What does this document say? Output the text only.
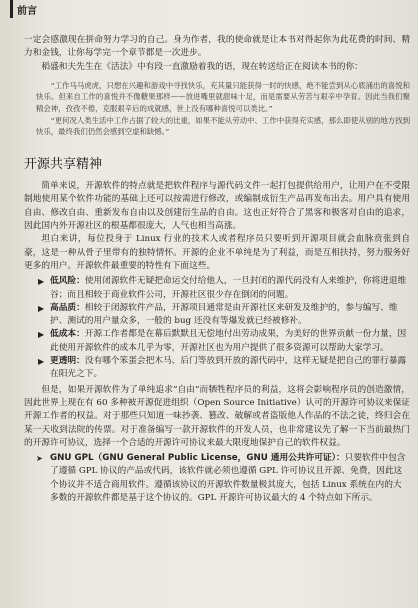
前言

一定会感激现在拼命努力学习的自己。身为作者，我的使命就是让本书对得起你为此花费的时间、精力和金钱，让你每学完一个章节都是一次进步。

稻盛和夫先生在《活法》中有段一直激励着我的语，现在转送给正在阅读本书的你：

“工作马马虎虎，只想在兴趣和游戏中寻找快乐，充其量只能获得一时的快感，绝不能尝到从心底涌出的喜悦和快乐。但来自工作的喜悦并不像糖果那样——放进嘴里就甜味十足，而是需要从劳苦与艰辛中孕育。因此当我们聚精会神，孜孜不倦，克服艰辛后的成就感，世上没有哪种喜悦可以类比。”

“更何况人类生活中工作占据了较大的比重，如果不能从劳动中、工作中获得充实感，那么即使从别的地方找到快乐，最终我们仍然会感到空虚和缺憾。”

开源共享精神

简单来说，开源软件的特点就是把软件程序与源代码文件一起打包提供给用户，让用户在不受限制地使用某个软件功能的基础上还可以按需进行修改，或编制成衍生产品再发布出去。用户具有使用自由、修改自由、重新发布自由以及创建衍生品的自由。这也正好符合了黑客和极客对自由的追求，因此国内外开源社区的根基都很庞大，人气也相当高涨。

坦白来讲，每位投身于 Linux 行业的技术人或者程序员只要听到开源项目就会血脉贲张到自豪，这是一种从骨子里带有的独特情怀。开源的企业不单纯是为了利益，而是互相扶持，努力服务好更多的用户。开源软件最重要的特性有下面这些。

▶ 低风险：使用闭源软件无疑把命运交付给他人，一旦封闭的源代码没有人来维护，你将进退维谷；而且相较于商业软件公司，开源社区很少存在倒闭的问题。
▶ 高品质：相较于闭源软件产品，开源项目通常是由开源社区来研发及维护的，参与编写、维护、测试的用户量众多，一般的 bug 还没有等爆发就已经被修补。
▶ 低成本：开源工作者都是在幕后默默且无偿地付出劳动成果，为美好的世界贡献一份力量，因此使用开源软件的成本几乎为零，开源社区也为用户提供了很多资源可以帮助大家学习。
▶ 更透明：没有哪个笨蛋会把木马、后门等放到开放的源代码中，这样无疑是把自己的罪行暴露在阳光之下。

但是，如果开源软件为了单纯追求“自由”而牺牲程序员的利益，这将会影响程序员的创造激情，因此世界上现在有 60 多种被开源促进组织（Open Source Initiative）认可的开源许可协议来保证开源工作者的权益。对于那些只知道一味抄袭、篡改、破解或者盗版他人作品的不法之徒，终归会在某一天收到法院的传票。对于准备编写一款开源软件的开发人员，也非常建议先了解一下当前最热门的开源许可协议，选择一个合适的开源许可协议来最大限度地保护自己的软件权益。

➤ GNU GPL（GNU General Public License，GNU 通用公共许可证）：只要软件中包含了遵循 GPL 协议的产品或代码，该软件就必须也遵循 GPL 许可协议且开源、免费，因此这个协议并不适合商用软件。遵循该协议的开源软件数量极其庞大，包括 Linux 系统在内的大多数的开源软件都是基于这个协议的。GPL 开源许可协议最大的 4 个特点如下所示。
